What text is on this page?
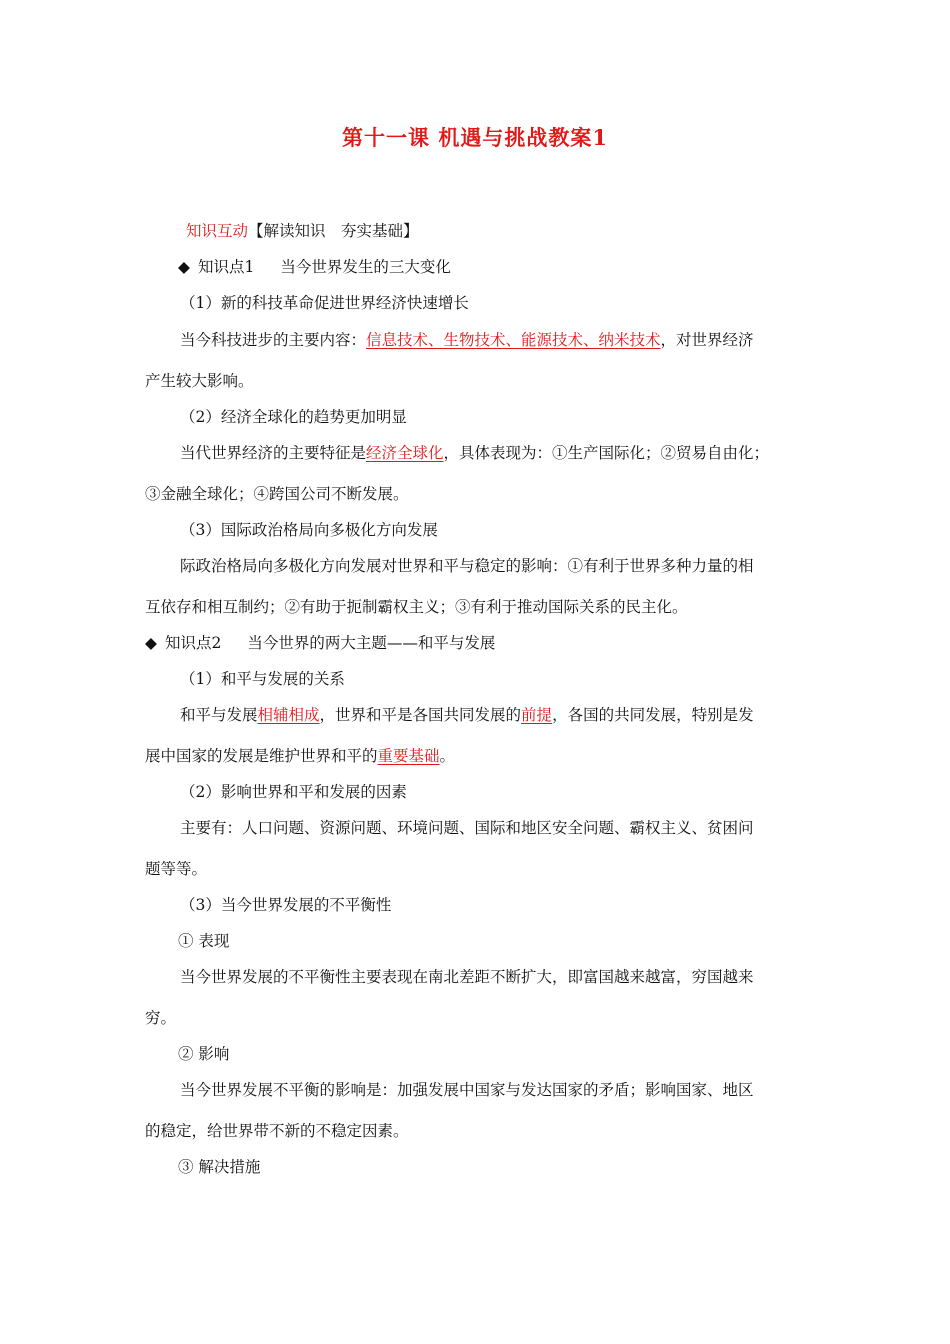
第十一课 机遇与挑战教案1
知识互动【解读知识　夯实基础】
◆ 知识点1 当今世界发生的三大变化
（1）新的科技革命促进世界经济快速增长
当今科技进步的主要内容：信息技术、生物技术、能源技术、纳米技术，对世界经济
产生较大影响。
（2）经济全球化的趋势更加明显
当代世界经济的主要特征是经济全球化，具体表现为：①生产国际化；②贸易自由化；
③金融全球化；④跨国公司不断发展。
（3）国际政治格局向多极化方向发展
际政治格局向多极化方向发展对世界和平与稳定的影响：①有利于世界多种力量的相
互依存和相互制约；②有助于扼制霸权主义；③有利于推动国际关系的民主化。
◆ 知识点2 当今世界的两大主题——和平与发展
（1）和平与发展的关系
和平与发展相辅相成，世界和平是各国共同发展的前提，各国的共同发展，特别是发
展中国家的发展是维护世界和平的重要基础。
（2）影响世界和平和发展的因素
主要有：人口问题、资源问题、环境问题、国际和地区安全问题、霸权主义、贫困问
题等等。
（3）当今世界发展的不平衡性
① 表现
当今世界发展的不平衡性主要表现在南北差距不断扩大，即富国越来越富，穷国越来
穷。
② 影响
当今世界发展不平衡的影响是：加强发展中国家与发达国家的矛盾；影响国家、地区
的稳定，给世界带不新的不稳定因素。
③ 解决措施
